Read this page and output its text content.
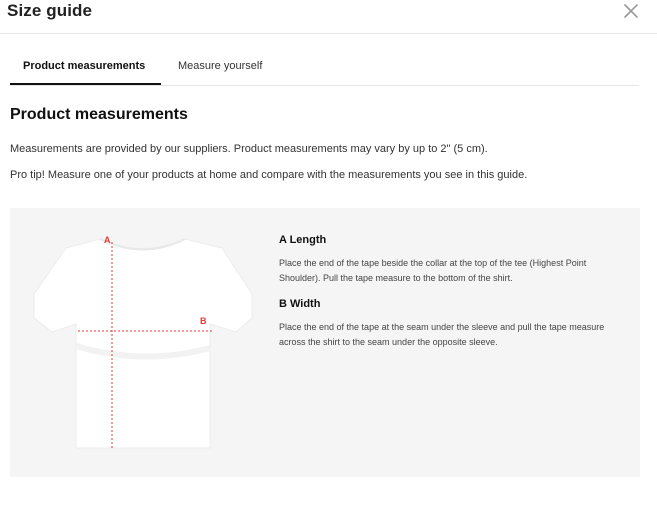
Size guide
Product measurements	Measure yourself
Product measurements
Measurements are provided by our suppliers. Product measurements may vary by up to 2" (5 cm).
Pro tip! Measure one of your products at home and compare with the measurements you see in this guide.
A
B
A Length
Place the end of the tape beside the collar at the top of the tee (Highest Point Shoulder). Pull the tape measure to the bottom of the shirt.
B Width
Place the end of the tape at the seam under the sleeve and pull the tape measure across the shirt to the seam under the opposite sleeve.
